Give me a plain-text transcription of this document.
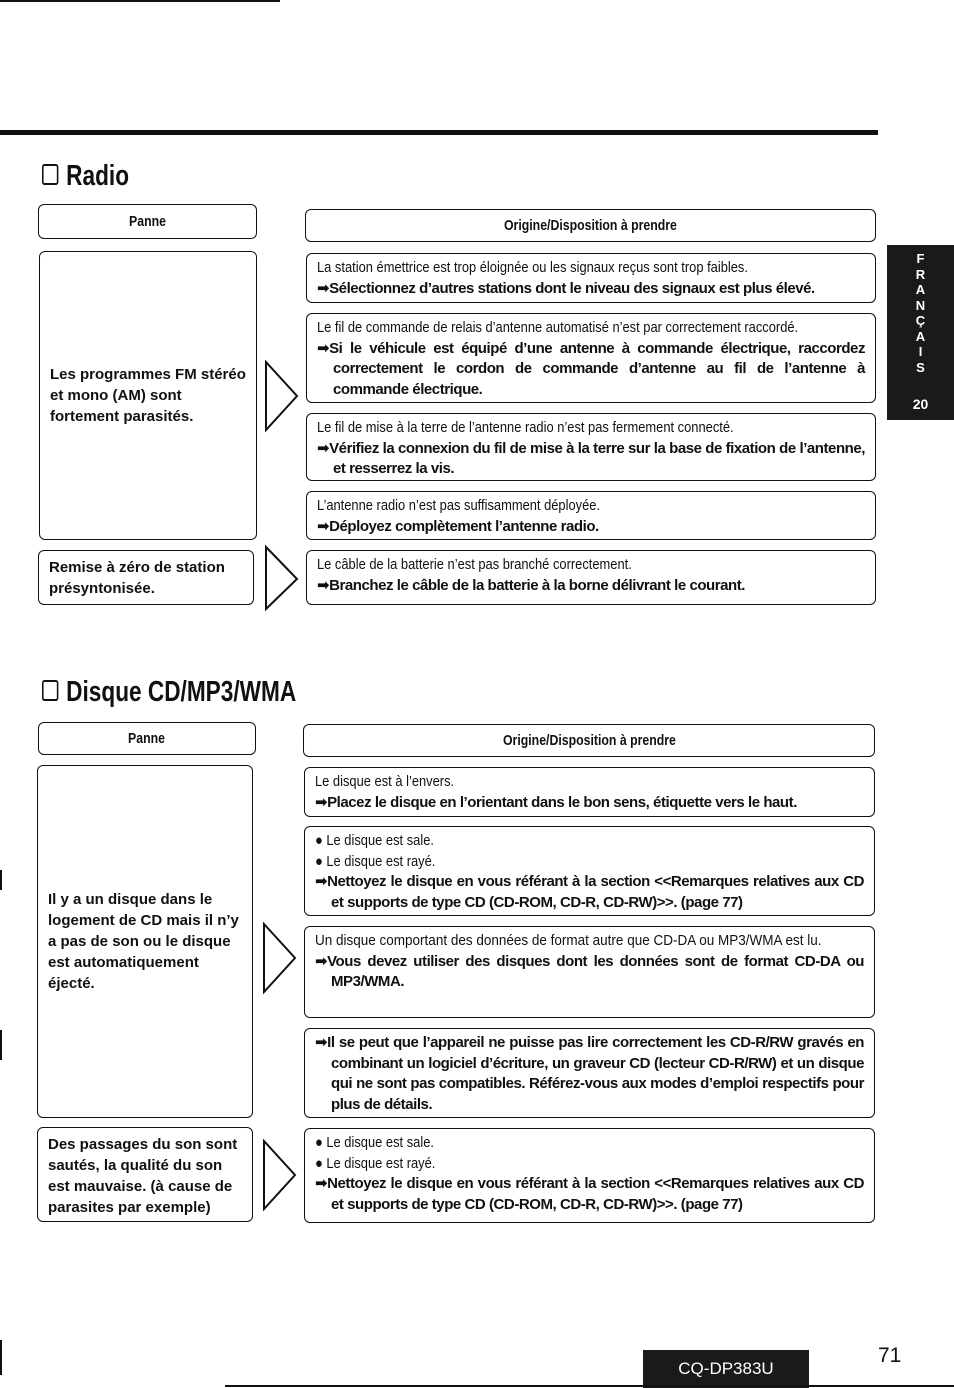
F
R
A
N
Ç
A
I
S
20
Radio
Panne	Origine/Disposition à prendre
Les programmes FM stéréo et mono (AM) sont fortement parasités.
Remise à zéro de station présyntonisée.
La station émettrice est trop éloignée ou les signaux reçus sont trop faibles.
➡Sélectionnez d’autres stations dont le niveau des signaux est plus élevé.
Le fil de commande de relais d’antenne automatisé n’est par correctement raccordé.
➡Si le véhicule est équipé d’une antenne à commande électrique, raccordez correctement le cordon de commande d’antenne au fil de l’antenne à commande électrique.
Le fil de mise à la terre de l’antenne radio n’est pas fermement connecté.
➡Vérifiez la connexion du fil de mise à la terre sur la base de fixation de l’antenne, et resserrez la vis.
L’antenne radio n’est pas suffisamment déployée.
➡Déployez complètement l’antenne radio.
Le câble de la batterie n’est pas branché correctement.
➡Branchez le câble de la batterie à la borne délivrant le courant.
Disque CD/MP3/WMA
Panne	Origine/Disposition à prendre
Il y a un disque dans le logement de CD mais il n’y a pas de son ou le disque est automatiquement éjecté.
Des passages du son sont sautés, la qualité du son est mauvaise. (à cause de parasites par exemple)
Le disque est à l’envers.
➡Placez le disque en l’orientant dans le bon sens, étiquette vers le haut.
● Le disque est sale.
● Le disque est rayé.
➡Nettoyez le disque en vous référant à la section <<Remarques relatives aux CD et supports de type CD (CD-ROM, CD-R, CD-RW)>>. (page 77)
Un disque comportant des données de format autre que CD-DA ou MP3/WMA est lu.
➡Vous devez utiliser des disques dont les données sont de format CD-DA ou MP3/WMA.
➡Il se peut que l’appareil ne puisse pas lire correctement les CD-R/RW gravés en combinant un logiciel d’écriture, un graveur CD (lecteur CD-R/RW) et un disque qui ne sont pas compatibles. Référez-vous aux modes d’emploi respectifs pour plus de détails.
● Le disque est sale.
● Le disque est rayé.
➡Nettoyez le disque en vous référant à la section <<Remarques relatives aux CD et supports de type CD (CD-ROM, CD-R, CD-RW)>>. (page 77)
CQ-DP383U
71
